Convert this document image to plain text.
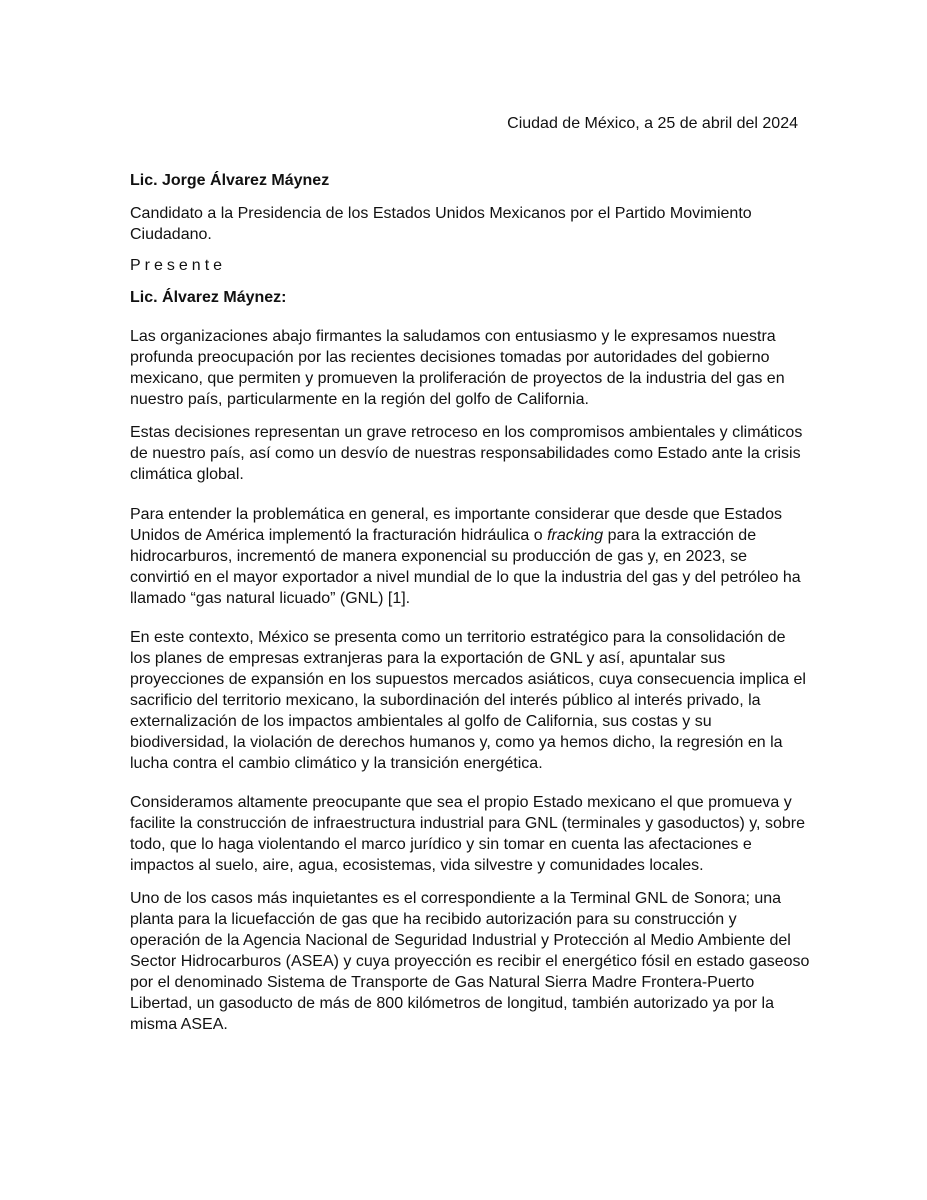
Ciudad de México, a 25 de abril del 2024

Lic. Jorge Álvarez Máynez

Candidato a la Presidencia de los Estados Unidos Mexicanos por el Partido Movimiento Ciudadano.

Presente

Lic. Álvarez Máynez:

Las organizaciones abajo firmantes la saludamos con entusiasmo y le expresamos nuestra profunda preocupación por las recientes decisiones tomadas por autoridades del gobierno mexicano, que permiten y promueven la proliferación de proyectos de la industria del gas en nuestro país, particularmente en la región del golfo de California.

Estas decisiones representan un grave retroceso en los compromisos ambientales y climáticos de nuestro país, así como un desvío de nuestras responsabilidades como Estado ante la crisis climática global.

Para entender la problemática en general, es importante considerar que desde que Estados Unidos de América implementó la fracturación hidráulica o fracking para la extracción de hidrocarburos, incrementó de manera exponencial su producción de gas y, en 2023, se convirtió en el mayor exportador a nivel mundial de lo que la industria del gas y del petróleo ha llamado “gas natural licuado” (GNL) [1].

En este contexto, México se presenta como un territorio estratégico para la consolidación de los planes de empresas extranjeras para la exportación de GNL y así, apuntalar sus proyecciones de expansión en los supuestos mercados asiáticos, cuya consecuencia implica el sacrificio del territorio mexicano, la subordinación del interés público al interés privado, la externalización de los impactos ambientales al golfo de California, sus costas y su biodiversidad, la violación de derechos humanos y, como ya hemos dicho, la regresión en la lucha contra el cambio climático y la transición energética.

Consideramos altamente preocupante que sea el propio Estado mexicano el que promueva y facilite la construcción de infraestructura industrial para GNL (terminales y gasoductos) y, sobre todo, que lo haga violentando el marco jurídico y sin tomar en cuenta las afectaciones e impactos al suelo, aire, agua, ecosistemas, vida silvestre y comunidades locales.

Uno de los casos más inquietantes es el correspondiente a la Terminal GNL de Sonora; una planta para la licuefacción de gas que ha recibido autorización para su construcción y operación de la Agencia Nacional de Seguridad Industrial y Protección al Medio Ambiente del Sector Hidrocarburos (ASEA) y cuya proyección es recibir el energético fósil en estado gaseoso por el denominado Sistema de Transporte de Gas Natural Sierra Madre Frontera-Puerto Libertad, un gasoducto de más de 800 kilómetros de longitud, también autorizado ya por la misma ASEA.
